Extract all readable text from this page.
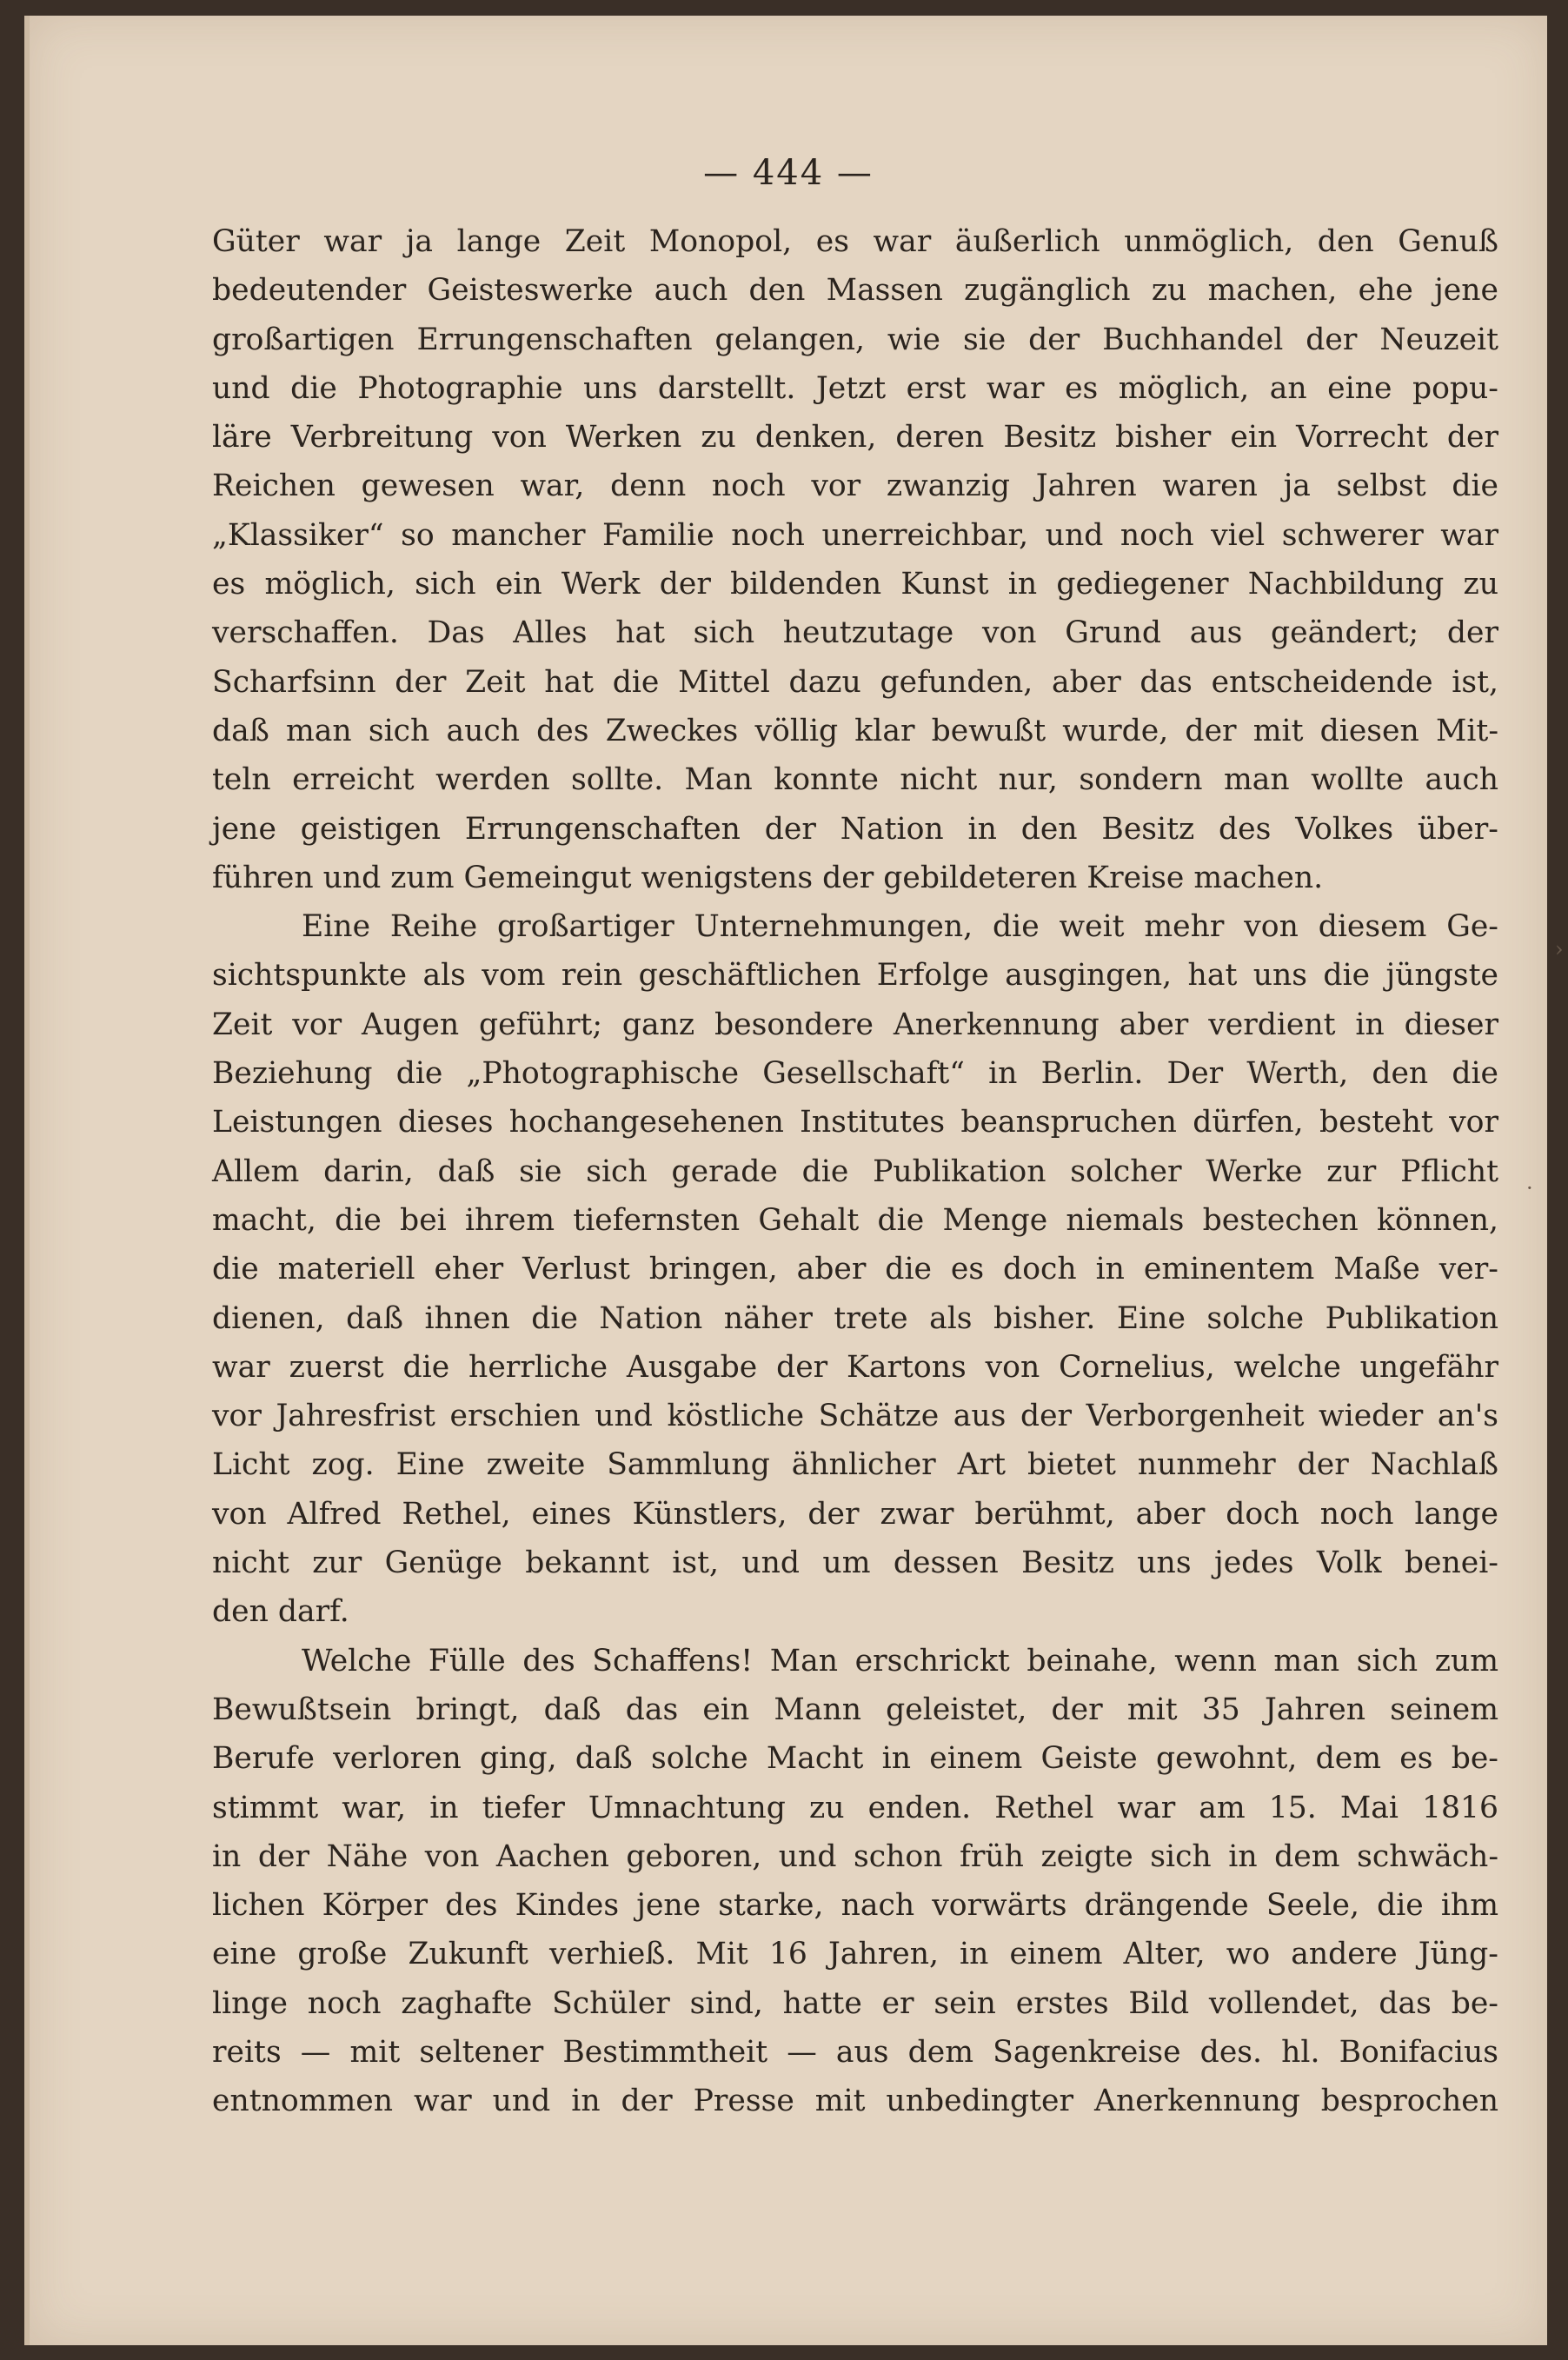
— 444 —

Güter war ja lange Zeit Monopol, es war äußerlich unmöglich, den Genuß

bedeutender Geisteswerke auch den Massen zugänglich zu machen, ehe jene

großartigen Errungenschaften gelangen, wie sie der Buchhandel der Neuzeit

und die Photographie uns darstellt. Jetzt erst war es möglich, an eine popu-

läre Verbreitung von Werken zu denken, deren Besitz bisher ein Vorrecht der

Reichen gewesen war, denn noch vor zwanzig Jahren waren ja selbst die

„Klassiker“ so mancher Familie noch unerreichbar, und noch viel schwerer war

es möglich, sich ein Werk der bildenden Kunst in gediegener Nachbildung zu

verschaffen. Das Alles hat sich heutzutage von Grund aus geändert; der

Scharfsinn der Zeit hat die Mittel dazu gefunden, aber das entscheidende ist,

daß man sich auch des Zweckes völlig klar bewußt wurde, der mit diesen Mit-

teln erreicht werden sollte. Man konnte nicht nur, sondern man wollte auch

jene geistigen Errungenschaften der Nation in den Besitz des Volkes über-

führen und zum Gemeingut wenigstens der gebildeteren Kreise machen.

Eine Reihe großartiger Unternehmungen, die weit mehr von diesem Ge-

sichtspunkte als vom rein geschäftlichen Erfolge ausgingen, hat uns die jüngste

Zeit vor Augen geführt; ganz besondere Anerkennung aber verdient in dieser

Beziehung die „Photographische Gesellschaft“ in Berlin. Der Werth, den die

Leistungen dieses hochangesehenen Institutes beanspruchen dürfen, besteht vor

Allem darin, daß sie sich gerade die Publikation solcher Werke zur Pflicht

macht, die bei ihrem tiefernsten Gehalt die Menge niemals bestechen können,

die materiell eher Verlust bringen, aber die es doch in eminentem Maße ver-

dienen, daß ihnen die Nation näher trete als bisher. Eine solche Publikation

war zuerst die herrliche Ausgabe der Kartons von Cornelius, welche ungefähr

vor Jahresfrist erschien und köstliche Schätze aus der Verborgenheit wieder an's

Licht zog. Eine zweite Sammlung ähnlicher Art bietet nunmehr der Nachlaß

von Alfred Rethel, eines Künstlers, der zwar berühmt, aber doch noch lange

nicht zur Genüge bekannt ist, und um dessen Besitz uns jedes Volk benei-

den darf.

Welche Fülle des Schaffens! Man erschrickt beinahe, wenn man sich zum

Bewußtsein bringt, daß das ein Mann geleistet, der mit 35 Jahren seinem

Berufe verloren ging, daß solche Macht in einem Geiste gewohnt, dem es be-

stimmt war, in tiefer Umnachtung zu enden. Rethel war am 15. Mai 1816

in der Nähe von Aachen geboren, und schon früh zeigte sich in dem schwäch-

lichen Körper des Kindes jene starke, nach vorwärts drängende Seele, die ihm

eine große Zukunft verhieß. Mit 16 Jahren, in einem Alter, wo andere Jüng-

linge noch zaghafte Schüler sind, hatte er sein erstes Bild vollendet, das be-

reits — mit seltener Bestimmtheit — aus dem Sagenkreise des. hl. Bonifacius

entnommen war und in der Presse mit unbedingter Anerkennung besprochen

›
·
